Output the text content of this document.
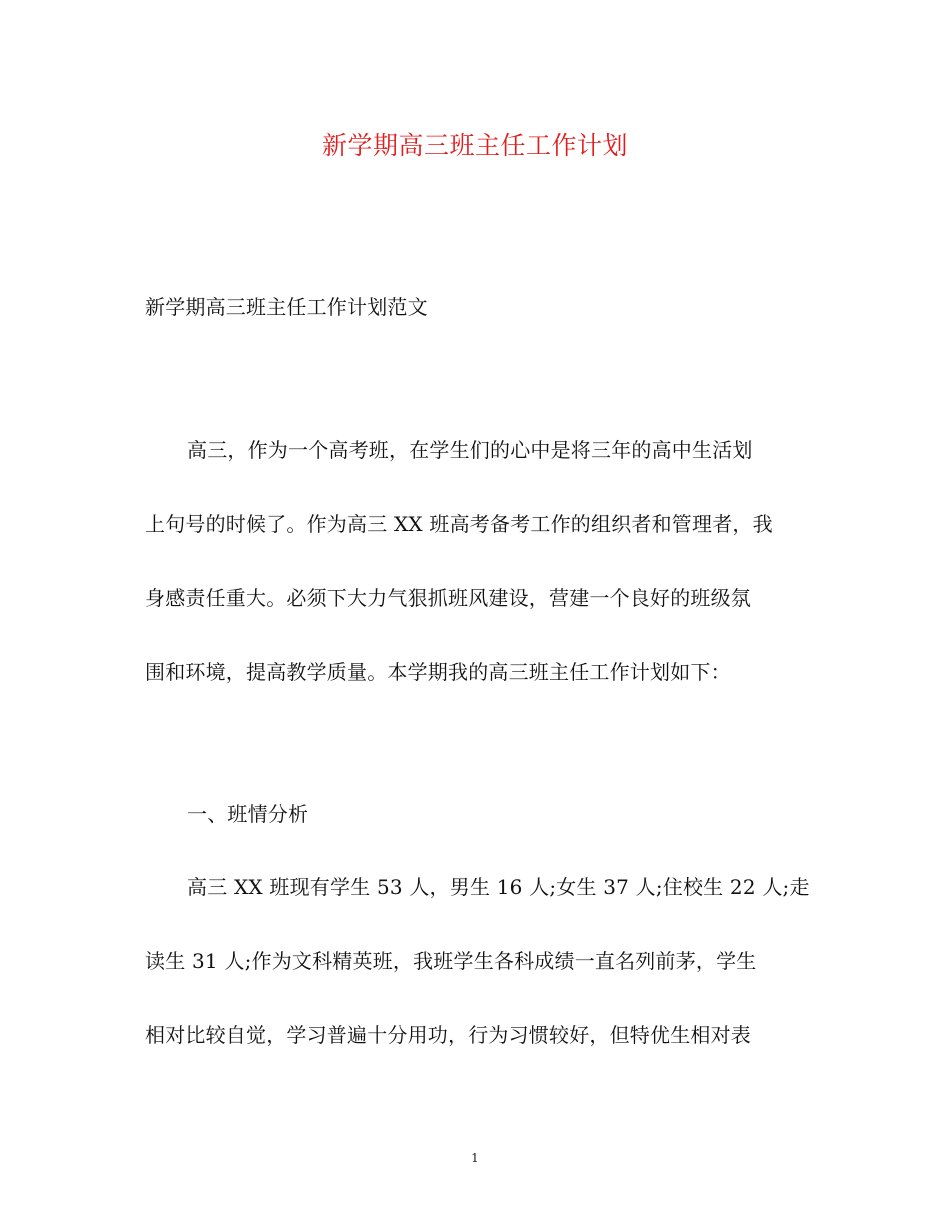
新学期高三班主任工作计划
新学期高三班主任工作计划范文
高三，作为一个高考班，在学生们的心中是将三年的高中生活划
上句号的时候了。作为高三 XX 班高考备考工作的组织者和管理者，我
身感责任重大。必须下大力气狠抓班风建设，营建一个良好的班级氛
围和环境，提高教学质量。本学期我的高三班主任工作计划如下：
一、班情分析
高三 XX 班现有学生 53 人，男生 16 人;女生 37 人;住校生 22 人;走
读生 31 人;作为文科精英班，我班学生各科成绩一直名列前茅，学生
相对比较自觉，学习普遍十分用功，行为习惯较好，但特优生相对表
1
